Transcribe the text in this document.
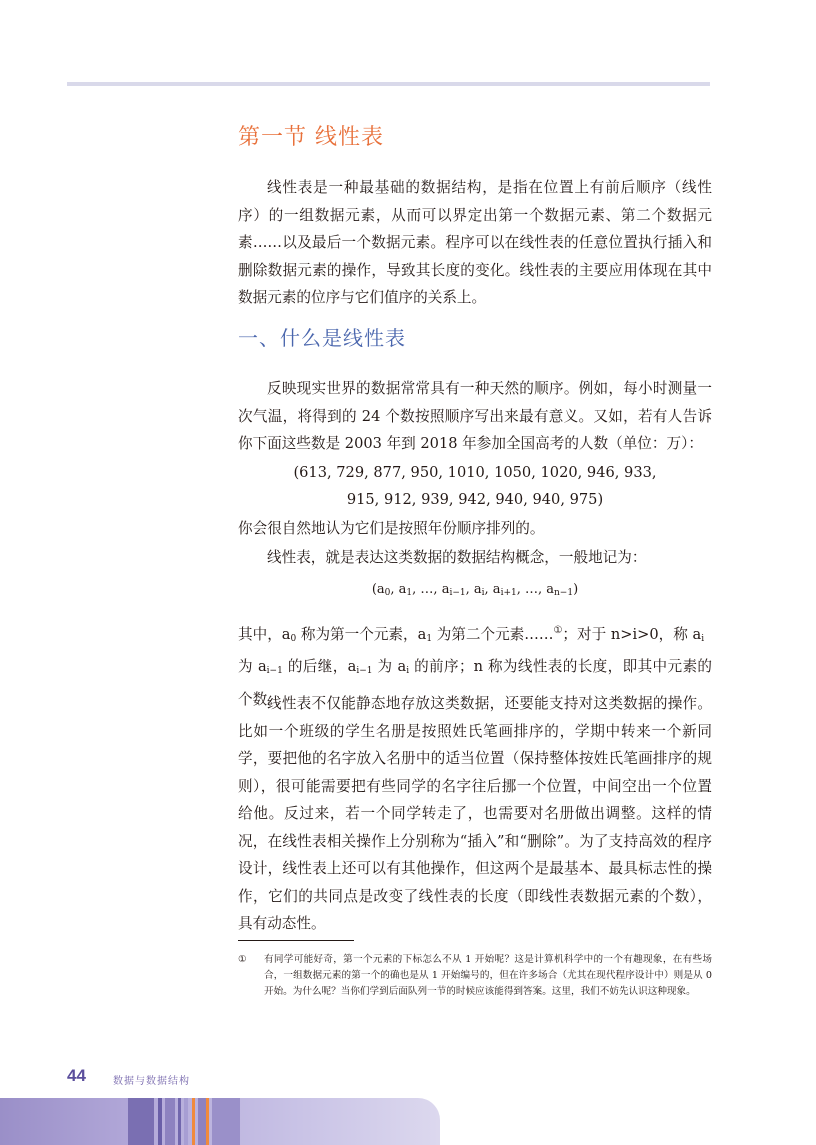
第一节 线性表
线性表是一种最基础的数据结构，是指在位置上有前后顺序（线性序）的一组数据元素，从而可以界定出第一个数据元素、第二个数据元素……以及最后一个数据元素。程序可以在线性表的任意位置执行插入和删除数据元素的操作，导致其长度的变化。线性表的主要应用体现在其中数据元素的位序与它们值序的关系上。
一、什么是线性表
反映现实世界的数据常常具有一种天然的顺序。例如，每小时测量一次气温，将得到的 24 个数按照顺序写出来最有意义。又如，若有人告诉你下面这些数是 2003 年到 2018 年参加全国高考的人数（单位：万）：
(613, 729, 877, 950, 1010, 1050, 1020, 946, 933,
915, 912, 939, 942, 940, 940, 975)
你会很自然地认为它们是按照年份顺序排列的。
线性表，就是表达这类数据的数据结构概念，一般地记为：
($a_0$, $a_1$, …, $a_{i-1}$, $a_i$, $a_{i+1}$, …, $a_{n-1}$)
其中，$a_0$ 称为第一个元素，$a_1$ 为第二个元素……①；对于 n>i>0，称 $a_i$
为 $a_{i-1}$ 的后继，$a_{i-1}$ 为 $a_i$ 的前序；n 称为线性表的长度，即其中元素的个数。
线性表不仅能静态地存放这类数据，还要能支持对这类数据的操作。比如一个班级的学生名册是按照姓氏笔画排序的，学期中转来一个新同学，要把他的名字放入名册中的适当位置（保持整体按姓氏笔画排序的规则），很可能需要把有些同学的名字往后挪一个位置，中间空出一个位置给他。反过来，若一个同学转走了，也需要对名册做出调整。这样的情况，在线性表相关操作上分别称为“插入”和“删除”。为了支持高效的程序设计，线性表上还可以有其他操作，但这两个是最基本、最具标志性的操作，它们的共同点是改变了线性表的长度（即线性表数据元素的个数），具有动态性。
①	有同学可能好奇，第一个元素的下标怎么不从 1 开始呢？这是计算机科学中的一个有趣现象，在有些场合，一组数据元素的第一个的确也是从 1 开始编号的，但在许多场合（尤其在现代程序设计中）则是从 0 开始。为什么呢？当你们学到后面队列一节的时候应该能得到答案。这里，我们不妨先认识这种现象。
44	数据与数据结构
